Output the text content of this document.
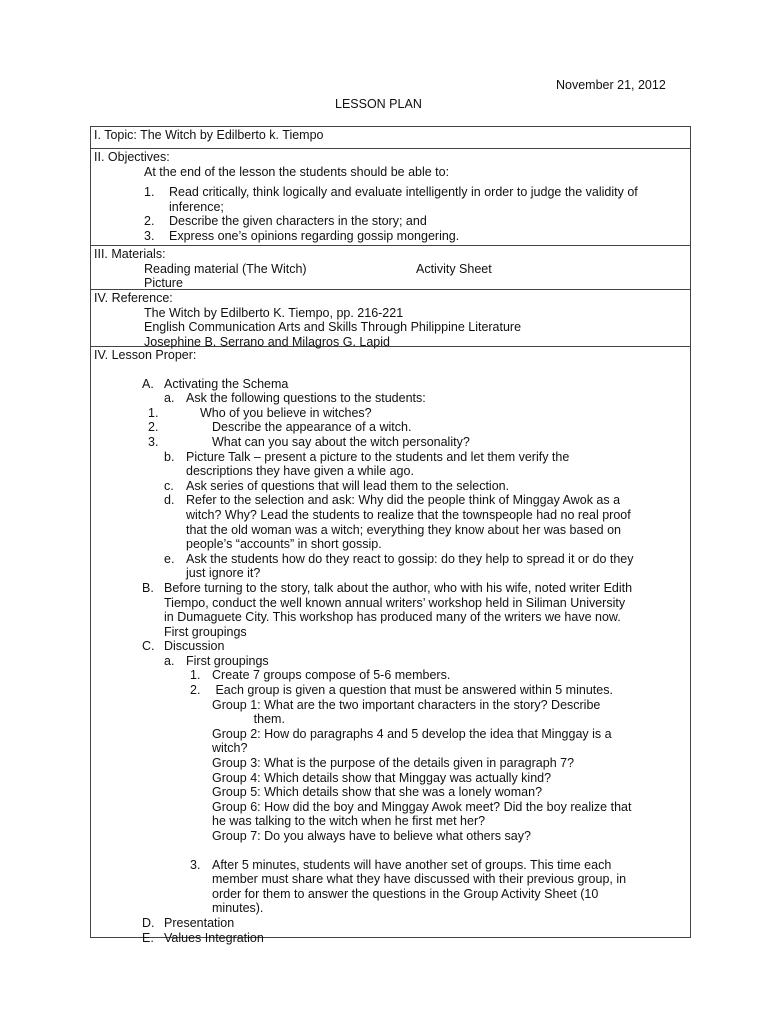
November 21, 2012
LESSON PLAN
I. Topic: The Witch by Edilberto k. Tiempo
II. Objectives:
At the end of the lesson the students should be able to:
1. Read critically, think logically and evaluate intelligently in order to judge the validity of
inference;
2. Describe the given characters in the story; and
3. Express one’s opinions regarding gossip mongering.
III. Materials:
Reading material (The Witch)	Activity Sheet
Picture
IV. Reference:
The Witch by Edilberto K. Tiempo, pp. 216-221
English Communication Arts and Skills Through Philippine Literature
Josephine B. Serrano and Milagros G. Lapid
IV. Lesson Proper:
A. Activating the Schema
a. Ask the following questions to the students:
1.	Who of you believe in witches?
2.	Describe the appearance of a witch.
3.	What can you say about the witch personality?
b. Picture Talk – present a picture to the students and let them verify the
descriptions they have given a while ago.
c. Ask series of questions that will lead them to the selection.
d. Refer to the selection and ask: Why did the people think of Minggay Awok as a
witch? Why? Lead the students to realize that the townspeople had no real proof
that the old woman was a witch; everything they know about her was based on
people’s “accounts” in short gossip.
e. Ask the students how do they react to gossip: do they help to spread it or do they
just ignore it?
B. Before turning to the story, talk about the author, who with his wife, noted writer Edith
Tiempo, conduct the well known annual writers’ workshop held in Siliman University
in Dumaguete City. This workshop has produced many of the writers we have now.
First groupings
C. Discussion
a. First groupings
1. Create 7 groups compose of 5-6 members.
2. Each group is given a question that must be answered within 5 minutes.
Group 1: What are the two important characters in the story? Describe
them.
Group 2: How do paragraphs 4 and 5 develop the idea that Minggay is a
witch?
Group 3: What is the purpose of the details given in paragraph 7?
Group 4: Which details show that Minggay was actually kind?
Group 5: Which details show that she was a lonely woman?
Group 6: How did the boy and Minggay Awok meet? Did the boy realize that
he was talking to the witch when he first met her?
Group 7: Do you always have to believe what others say?
3. After 5 minutes, students will have another set of groups. This time each
member must share what they have discussed with their previous group, in
order for them to answer the questions in the Group Activity Sheet (10
minutes).
D. Presentation
E. Values Integration
